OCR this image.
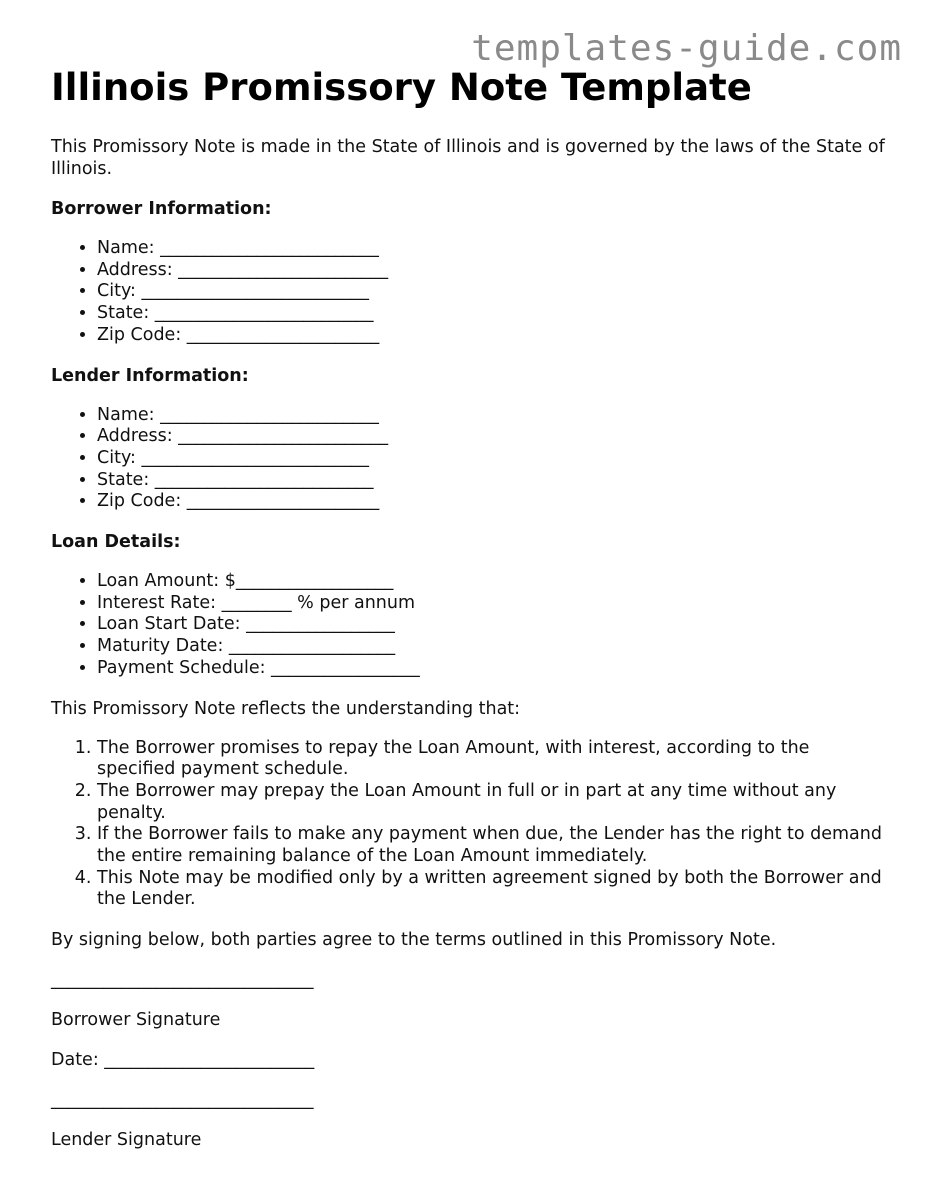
templates-guide.com
Illinois Promissory Note Template

This Promissory Note is made in the State of Illinois and is governed by the laws of the State of Illinois.

Borrower Information:

• Name: _________________________
• Address: ________________________
• City: __________________________
• State: _________________________
• Zip Code: ______________________

Lender Information:

• Name: _________________________
• Address: ________________________
• City: __________________________
• State: _________________________
• Zip Code: ______________________

Loan Details:

• Loan Amount: $__________________
• Interest Rate: ________ % per annum
• Loan Start Date: _________________
• Maturity Date: ___________________
• Payment Schedule: _________________

This Promissory Note reflects the understanding that:

1. The Borrower promises to repay the Loan Amount, with interest, according to the specified payment schedule.
2. The Borrower may prepay the Loan Amount in full or in part at any time without any penalty.
3. If the Borrower fails to make any payment when due, the Lender has the right to demand the entire remaining balance of the Loan Amount immediately.
4. This Note may be modified only by a written agreement signed by both the Borrower and the Lender.

By signing below, both parties agree to the terms outlined in this Promissory Note.

______________________________

Borrower Signature

Date: ________________________
______________________________

Lender Signature
